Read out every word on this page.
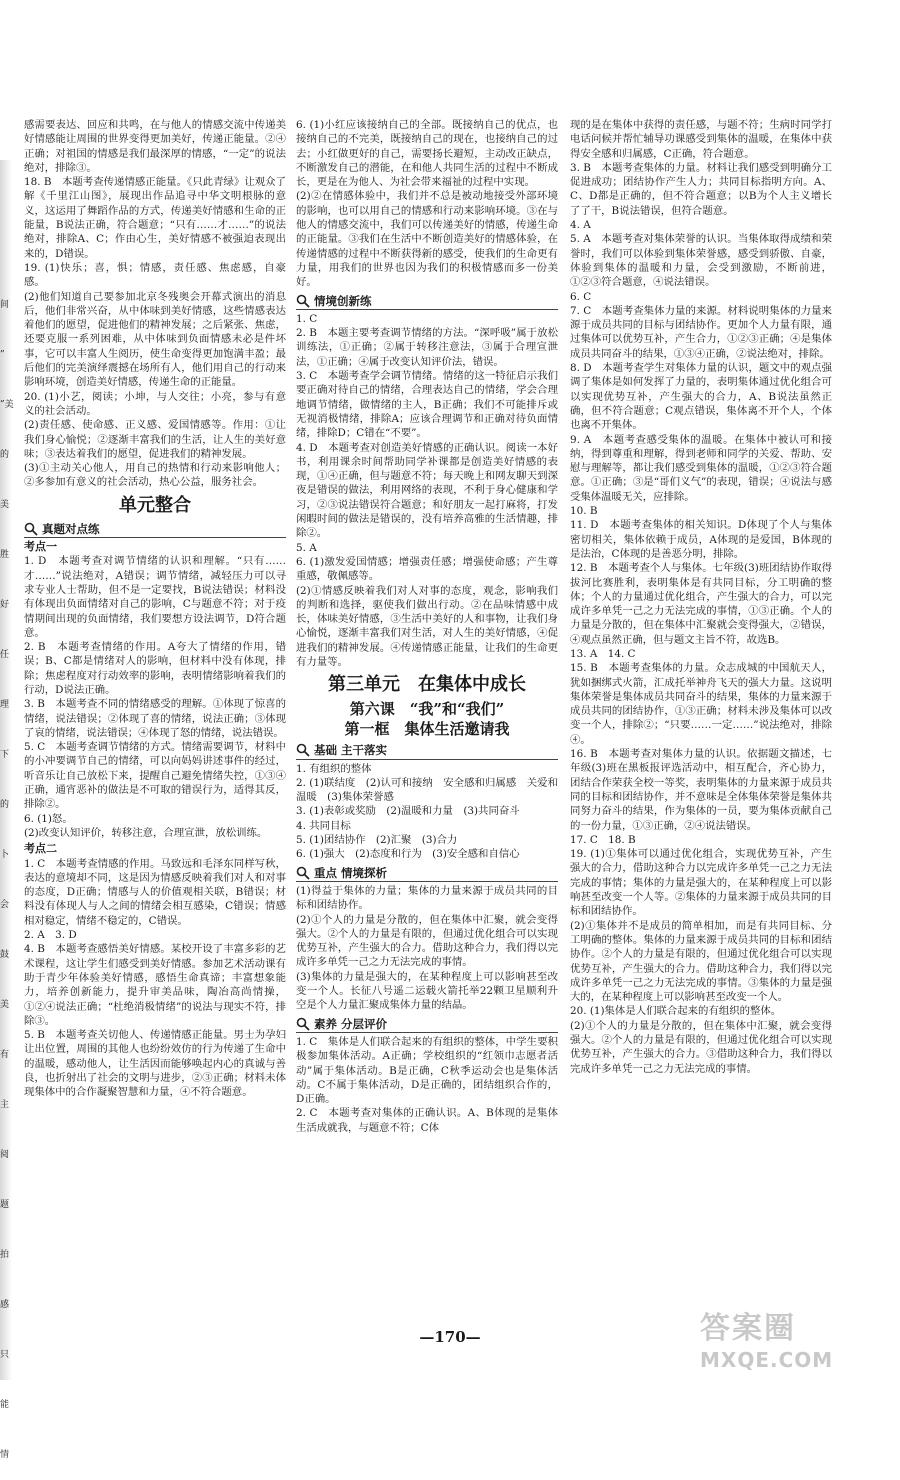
间 ” ”美 的 美 胜 好 任 理 下 的 卜 会 鼓 美 有 主 阅 题 拍 感 只 能 情

感需要表达、回应和共鸣，在与他人的情感交流中传递美好情感能让周围的世界变得更加美好，传递正能量。②④正确；对祖国的情感是我们最深厚的情感，“一定”的说法绝对，排除③。

18. B　本题考查传递情感正能量。《只此青绿》让观众了解《千里江山图》，展现出作品追寻中华文明根脉的意义，这运用了舞蹈作品的方式，传递美好情感和生命的正能量，B说法正确，符合题意；“只有……才……”的说法绝对，排除A、C；作由心生，美好情感不被强迫表现出来的，D错误。

19. (1)快乐；喜，惧；情感，责任感、焦虑感，自豪感。

(2)他们知道自己要参加北京冬残奥会开幕式演出的消息后，他们非常兴奋，从中体味到美好情感，这些情感表达着他们的愿望，促进他们的精神发展；之后紧张、焦虑，还要克服一系列困难，从中体味到负面情感未必是件坏事，它可以丰富人生阅历，使生命变得更加饱满丰盈；最后他们的完美演绎震撼在场所有人，他们用自己的行动来影响环境，创造美好情感，传递生命的正能量。

20. (1)小艺，阅读；小坤，与人交往；小亮，参与有意义的社会活动。

(2)责任感、使命感、正义感、爱国情感等。作用：①让我们身心愉悦；②逐渐丰富我们的生活，让人生的美好意味；③表达着我们的愿望，促进我们的精神发展。

(3)①主动关心他人，用自己的热情和行动来影响他人；②多参加有意义的社会活动，热心公益，服务社会。

单元整合
真题对点练
考点一

1. D　本题考查对调节情绪的认识和理解。“只有……才……”说法绝对，A错误；调节情绪，减轻压力可以寻求专业人士帮助，但不是一定要找，B说法错误；材料没有体现出负面情绪对自己的影响，C与题意不符；对于疫情期间出现的负面情绪，我们要想方设法调节，D符合题意。

2. B　本题考查情绪的作用。A夸大了情绪的作用，错误；B、C都是情绪对人的影响，但材料中没有体现，排除；焦虑程度对行动效率的影响，表明情绪影响着我们的行动，D说法正确。

3. B　本题考查不同的情绪感受的理解。①体现了惊喜的情绪，说法错误；②体现了喜的情绪，说法正确；③体现了哀的情绪，说法错误；④体现了怒的情绪，说法错误。

5. C　本题考查调节情绪的方式。情绪需要调节，材料中的小冲要调节自己的情绪，可以向妈妈讲述事件的经过，听音乐让自己放松下来，提醒自己避免情绪失控，①③④正确，通宵恶补的做法是不可取的错误行为，适得其反，排除②。

6. (1)怒。

(2)改变认知评价，转移注意，合理宣泄，放松训练。

考点二

1. C　本题考查情感的作用。马致远和毛泽东同样写秋，表达的意境却不同，这是因为情感反映着我们对人和对事的态度，D正确；情感与人的价值观相关联，B错误；材料没有体现人与人之间的情绪会相互感染，C错误；情感相对稳定，情绪不稳定的，C错误。

2. A　3. D

4. B　本题考查感悟美好情感。某校开设了丰富多彩的艺术课程，这让学生们感受到美好情感。参加艺术活动课有助于青少年体验美好情感，感悟生命真谛；丰富想象能力，培养创新能力，提升审美品味，陶冶高尚情操，①②④说法正确；“杜绝消极情绪”的说法与现实不符，排除③。

5. B　本题考查关切他人、传递情感正能量。男士为孕妇让出位置，周围的其他人也纷纷效仿的行为传递了生命中的温暖，感动他人，让生活因而能够唤起内心的真诚与善良，也折射出了社会的文明与进步，②③正确；材料未体现集体中的合作凝聚智慧和力量，④不符合题意。

6. (1)小红应该接纳自己的全部。既接纳自己的优点，也接纳自己的不完美，既接纳自己的现在，也接纳自己的过去；小红做更好的自己，需要扬长避短，主动改正缺点，不断激发自己的潜能，在和他人共同生活的过程中不断成长，更是在为他人、为社会带来福祉的过程中实现。

(2)②在情感体验中，我们并不总是被动地接受外部环境的影响，也可以用自己的情感和行动来影响环境。③在与他人的情感交流中，我们可以传递美好的情感，传递生命的正能量。③我们在生活中不断创造美好的情感体验，在传递情感的过程中不断获得新的感受，使我们的生命更有力量，用我们的世界也因为我们的积极情感而多一份美好。

情境创新练

1. C

2. B　本题主要考查调节情绪的方法。“深呼吸”属于放松训练法，①正确；②属于转移注意法，③属于合理宣泄法，①正确；④属于改变认知评价法，错误。

3. C　本题考查学会调节情绪。情绪的这一特征启示我们要正确对待自己的情绪，合理表达自己的情绪，学会合理地调节情绪，做情绪的主人，B正确；我们不可能排斥或无视消极情绪，排除A；应该合理调节和正确对待负面情绪，排除D；C错在“不要”。

4. D　本题考查对创造美好情感的正确认识。阅读一本好书，利用课余时间帮助同学补课都是创造美好情感的表现，①④正确，但与题意不符；每天晚上和网友聊天到深夜是错误的做法，利用网络的表现，不利于身心健康和学习，②③说法错误符合题意；和好朋友一起打麻将，打发闲暇时间的做法是错误的，没有培养高雅的生活情趣，排除②。

5. A

6. (1)激发爱国情感；增强责任感；增强使命感；产生尊重感，敬佩感等。

(2)①情感反映着我们对人对事的态度，观念，影响我们的判断和选择，驱使我们做出行动。②在品味情感中成长，体味美好情感，③生活中美好的人和事物，让我们身心愉悦，逐渐丰富我们对生活，对人生的美好情感，④促进我们的精神发展。④传递情感正能量，让我们的生命更有力量等。

第三单元　在集体中成长
第六课　“我”和“我们”
第一框　集体生活邀请我
基础 主干落实

1. 有组织的整体

2. (1)联结度　(2)认可和接纳　安全感和归属感　关爱和温暖　(3)集体荣誉感

3. (1)表彰或奖励　(2)温暖和力量　(3)共同奋斗

4. 共同目标

5. (1)团结协作　(2)汇聚　(3)合力

6. (1)强大　(2)态度和行为　(3)安全感和自信心

重点 情境探析

(1)得益于集体的力量；集体的力量来源于成员共同的目标和团结协作。

(2)①个人的力量是分散的，但在集体中汇聚，就会变得强大。②个人的力量是有限的，但通过优化组合可以实现优势互补，产生强大的合力。借助这种合力，我们得以完成许多单凭一己之力无法完成的事情。

(3)集体的力量是强大的，在某种程度上可以影响甚至改变一个人。长征八号遥二运载火箭托举22颗卫星顺利升空是个人力量汇聚成集体力量的结晶。

素养 分层评价

1. C　集体是人们联合起来的有组织的整体，中学生要积极参加集体活动。A正确；学校组织的“红领巾志愿者活动”属于集体活动。B是正确，C秋季运动会也是集体活动。C不属于集体活动，D是正确的，团结组织合作的，D正确。

2. C　本题考查对集体的正确认识。A、B体现的是集体生活成就我，与题意不符；C体

现的是在集体中获得的责任感，与题不符；生病时同学打电话问候并帮忙辅导功课感受到集体的温暖，在集体中获得安全感和归属感，C正确，符合题意。

3. B　本题考查集体的力量。材料让我们感受到明确分工促进成功；团结协作产生人力；共同目标指明方向。A、C、D都是正确的，但不符合题意；以B为个人主义增长了了干，B说法错误，但符合题意。

4. A

5. A　本题考查对集体荣誉的认识。当集体取得成绩和荣誉时，我们可以体验到集体荣誉感，感受到骄傲、自豪，体验到集体的温暖和力量，会受到激励，不断前进，①②③符合题意，④说法错误。

6. C

7. C　本题考查集体力量的来源。材料说明集体的力量来源于成员共同的目标与团结协作。更加个人力量有限，通过集体可以优势互补，产生合力，①②③正确；④是集体成员共同奋斗的结果，①③④正确，②说法绝对，排除。

8. D　本题考查学生对集体力量的认识，题文中的观点强调了集体是如何发挥了力量的，表明集体通过优化组合可以实现优势互补，产生强大的合力，A、B说法虽然正确，但不符合题意；C观点错误，集体离不开个人，个体也离不开集体。

9. A　本题考查感受集体的温暖。在集体中被认可和接纳，得到尊重和理解，得到老师和同学的关爱、帮助、安慰与理解等，都让我们感受到集体的温暖，①②③符合题意。①正确；③是“哥们义气”的表现，错误；④说法与感受集体温暖无关，应排除。

10. B

11. D　本题考查集体的相关知识。D体现了个人与集体密切相关，集体依赖于成员，A体现的是爱国，B体现的是法治，C体现的是善恶分明，排除。

12. B　本题考查个人与集体。七年级(3)班团结协作取得拔河比赛胜利，表明集体是有共同目标，分工明确的整体；个人的力量通过优化组合，产生强大的合力，可以完成许多单凭一己之力无法完成的事情，①③正确。个人的力量是分散的，但在集体中汇聚就会变得强大，②错误，④观点虽然正确，但与题文主旨不符，故选B。

13. A　14. C

15. B　本题考查集体的力量。众志成城的中国航天人，犹如捆绑式火箭，汇成托举神舟飞天的强大力量。这说明集体荣誉是集体成员共同奋斗的结果，集体的力量来源于成员共同的团结协作，①③正确；材料未涉及集体可以改变一个人，排除②；“只要……一定……”说法绝对，排除④。

16. B　本题考查对集体力量的认识。依据题文描述，七年级(3)班在黑板报评选活动中，相互配合，齐心协力，团结合作荣获全校一等奖，表明集体的力量来源于成员共同的目标和团结协作，并不意味是全体集体荣誉是集体共同努力奋斗的结果，作为集体的一员，要为集体贡献自己的一份力量，①③正确，②④说法错误。

17. C　18. B

19. (1)①集体可以通过优化组合，实现优势互补，产生强大的合力，借助这种合力以完成许多单凭一己之力无法完成的事情；集体的力量是强大的，在某种程度上可以影响甚至改变一个人等。②集体的力量来源于成员共同的目标和团结协作。

(2)①集体并不是成员的简单相加，而是有共同目标、分工明确的整体。集体的力量来源于成员共同的目标和团结协作。②个人的力量是有限的，但通过优化组合可以实现优势互补，产生强大的合力。借助这种合力，我们得以完成许多单凭一己之力无法完成的事情。③集体的力量是强大的，在某种程度上可以影响甚至改变一个人。

20. (1)集体是人们联合起来的有组织的整体。

(2)①个人的力量是分散的，但在集体中汇聚，就会变得强大。②个人的力量是有限的，但通过优化组合可以实现优势互补，产生强大的合力。③借助这种合力，我们得以完成许多单凭一己之力无法完成的事情。

—170—	答案圈
MXQE.COM
